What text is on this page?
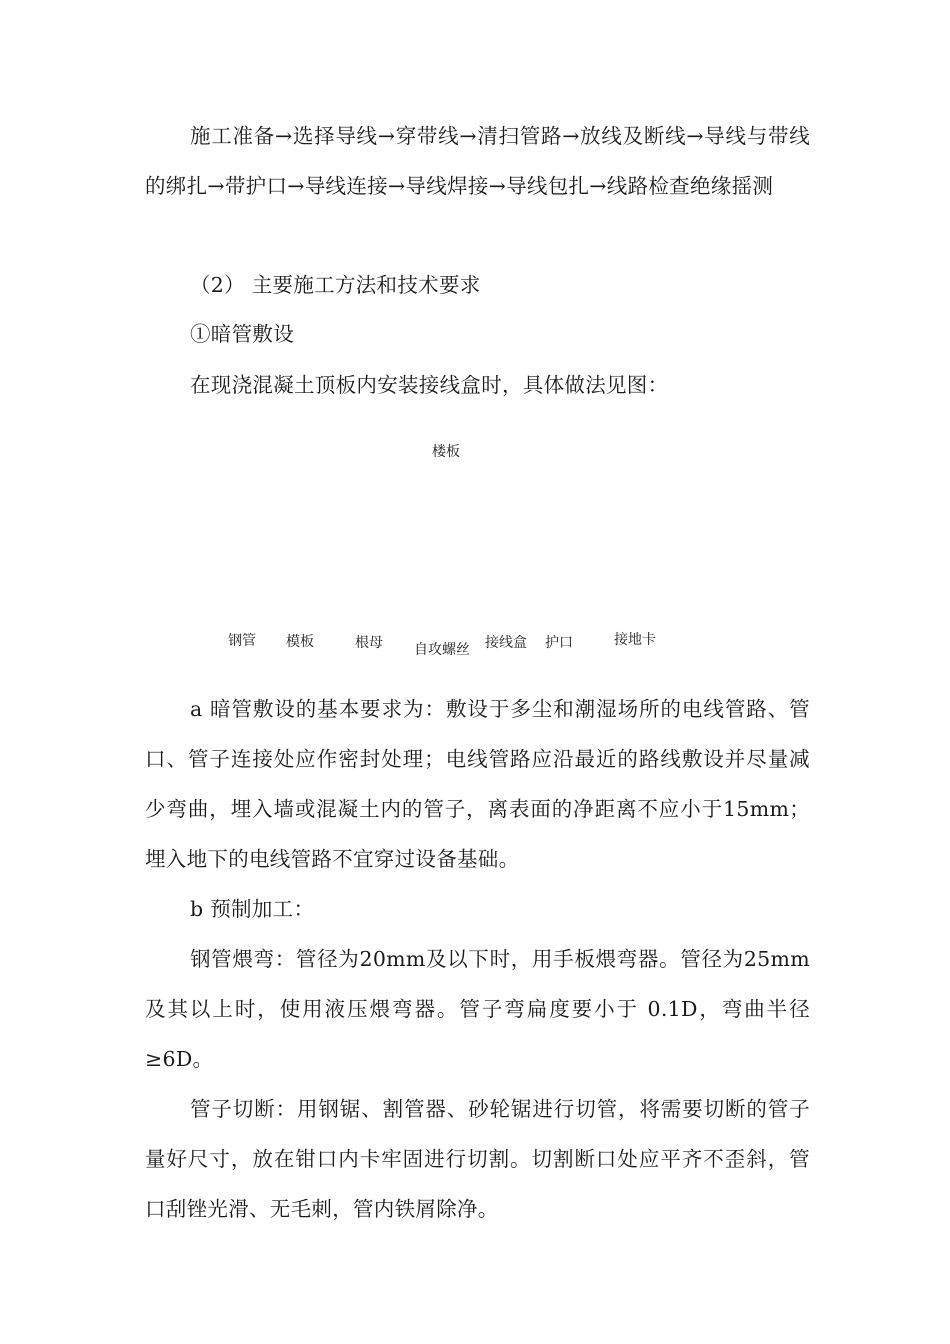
施工准备→选择导线→穿带线→清扫管路→放线及断线→导线与带线的绑扎→带护口→导线连接→导线焊接→导线包扎→线路检查绝缘摇测

（2） 主要施工方法和技术要求

①暗管敷设

在现浇混凝土顶板内安装接线盒时，具体做法见图：

楼板
钢管 模板	根母 自攻螺丝 接线盒 护口	接地卡

a 暗管敷设的基本要求为：敷设于多尘和潮湿场所的电线管路、管口、管子连接处应作密封处理；电线管路应沿最近的路线敷设并尽量减少弯曲，埋入墙或混凝土内的管子，离表面的净距离不应小于15mm；埋入地下的电线管路不宜穿过设备基础。

b 预制加工：

钢管煨弯：管径为20mm及以下时，用手板煨弯器。管径为25mm及其以上时，使用液压煨弯器。管子弯扁度要小于 0.1D，弯曲半径≥6D。

管子切断：用钢锯、割管器、砂轮锯进行切管，将需要切断的管子量好尺寸，放在钳口内卡牢固进行切割。切割断口处应平齐不歪斜，管口刮锉光滑、无毛刺，管内铁屑除净。
